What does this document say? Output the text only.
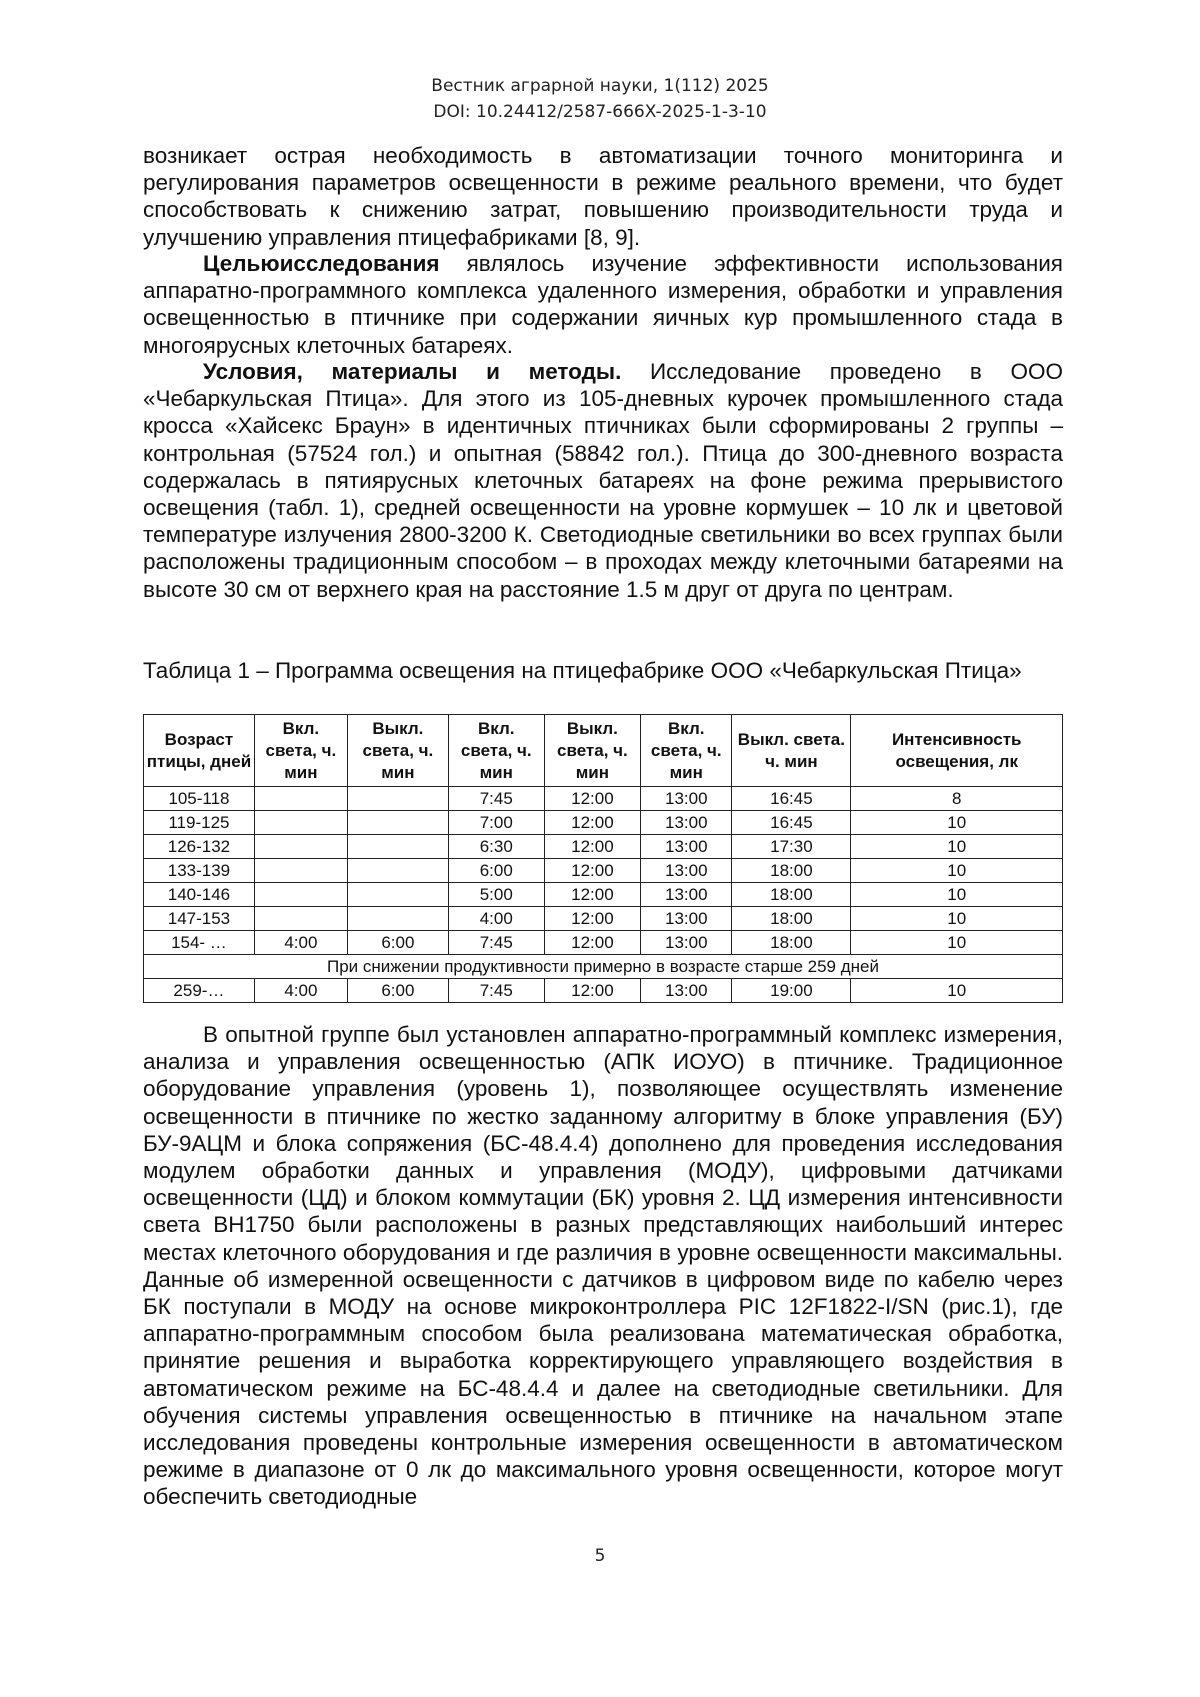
Вестник аграрной науки, 1(112) 2025
DOI: 10.24412/2587-666X-2025-1-3-10

возникает острая необходимость в автоматизации точного мониторинга и регулирования параметров освещенности в режиме реального времени, что будет способствовать к снижению затрат, повышению производительности труда и улучшению управления птицефабриками [8, 9].

Цельюисследования являлось изучение эффективности использования аппаратно-программного комплекса удаленного измерения, обработки и управления освещенностью в птичнике при содержании яичных кур промышленного стада в многоярусных клеточных батареях.

Условия, материалы и методы. Исследование проведено в ООО «Чебаркульская Птица». Для этого из 105-дневных курочек промышленного стада кросса «Хайсекс Браун» в идентичных птичниках были сформированы 2 группы – контрольная (57524 гол.) и опытная (58842 гол.). Птица до 300-дневного возраста содержалась в пятиярусных клеточных батареях на фоне режима прерывистого освещения (табл. 1), средней освещенности на уровне кормушек – 10 лк и цветовой температуре излучения 2800-3200 К. Светодиодные светильники во всех группах были расположены традиционным способом – в проходах между клеточными батареями на высоте 30 см от верхнего края на расстояние 1.5 м друг от друга по центрам.

Таблица 1 – Программа освещения на птицефабрике ООО «Чебаркульская Птица»

Возраст птицы, дней	Вкл. света, ч. мин	Выкл. света, ч. мин	Вкл. света, ч. мин	Выкл. света, ч. мин	Вкл. света, ч. мин	Выкл. света. ч. мин	Интенсивность освещения, лк
105-118			7:45	12:00	13:00	16:45	8
119-125			7:00	12:00	13:00	16:45	10
126-132			6:30	12:00	13:00	17:30	10
133-139			6:00	12:00	13:00	18:00	10
140-146			5:00	12:00	13:00	18:00	10
147-153			4:00	12:00	13:00	18:00	10
154- …	4:00	6:00	7:45	12:00	13:00	18:00	10
При снижении продуктивности примерно в возрасте старше 259 дней							
259-…	4:00	6:00	7:45	12:00	13:00	19:00	10

В опытной группе был установлен аппаратно-программный комплекс измерения, анализа и управления освещенностью (АПК ИОУО) в птичнике. Традиционное оборудование управления (уровень 1), позволяющее осуществлять изменение освещенности в птичнике по жестко заданному алгоритму в блоке управления (БУ) БУ-9АЦМ и блока сопряжения (БС-48.4.4) дополнено для проведения исследования модулем обработки данных и управления (МОДУ), цифровыми датчиками освещенности (ЦД) и блоком коммутации (БК) уровня 2. ЦД измерения интенсивности света ВН1750 были расположены в разных представляющих наибольший интерес местах клеточного оборудования и где различия в уровне освещенности максимальны. Данные об измеренной освещенности с датчиков в цифровом виде по кабелю через БК поступали в МОДУ на основе микроконтроллера PIC 12F1822-I/SN (рис.1), где аппаратно-программным способом была реализована математическая обработка, принятие решения и выработка корректирующего управляющего воздействия в автоматическом режиме на БС-48.4.4 и далее на светодиодные светильники. Для обучения системы управления освещенностью в птичнике на начальном этапе исследования проведены контрольные измерения освещенности в автоматическом режиме в диапазоне от 0 лк до максимального уровня освещенности, которое могут обеспечить светодиодные

5
